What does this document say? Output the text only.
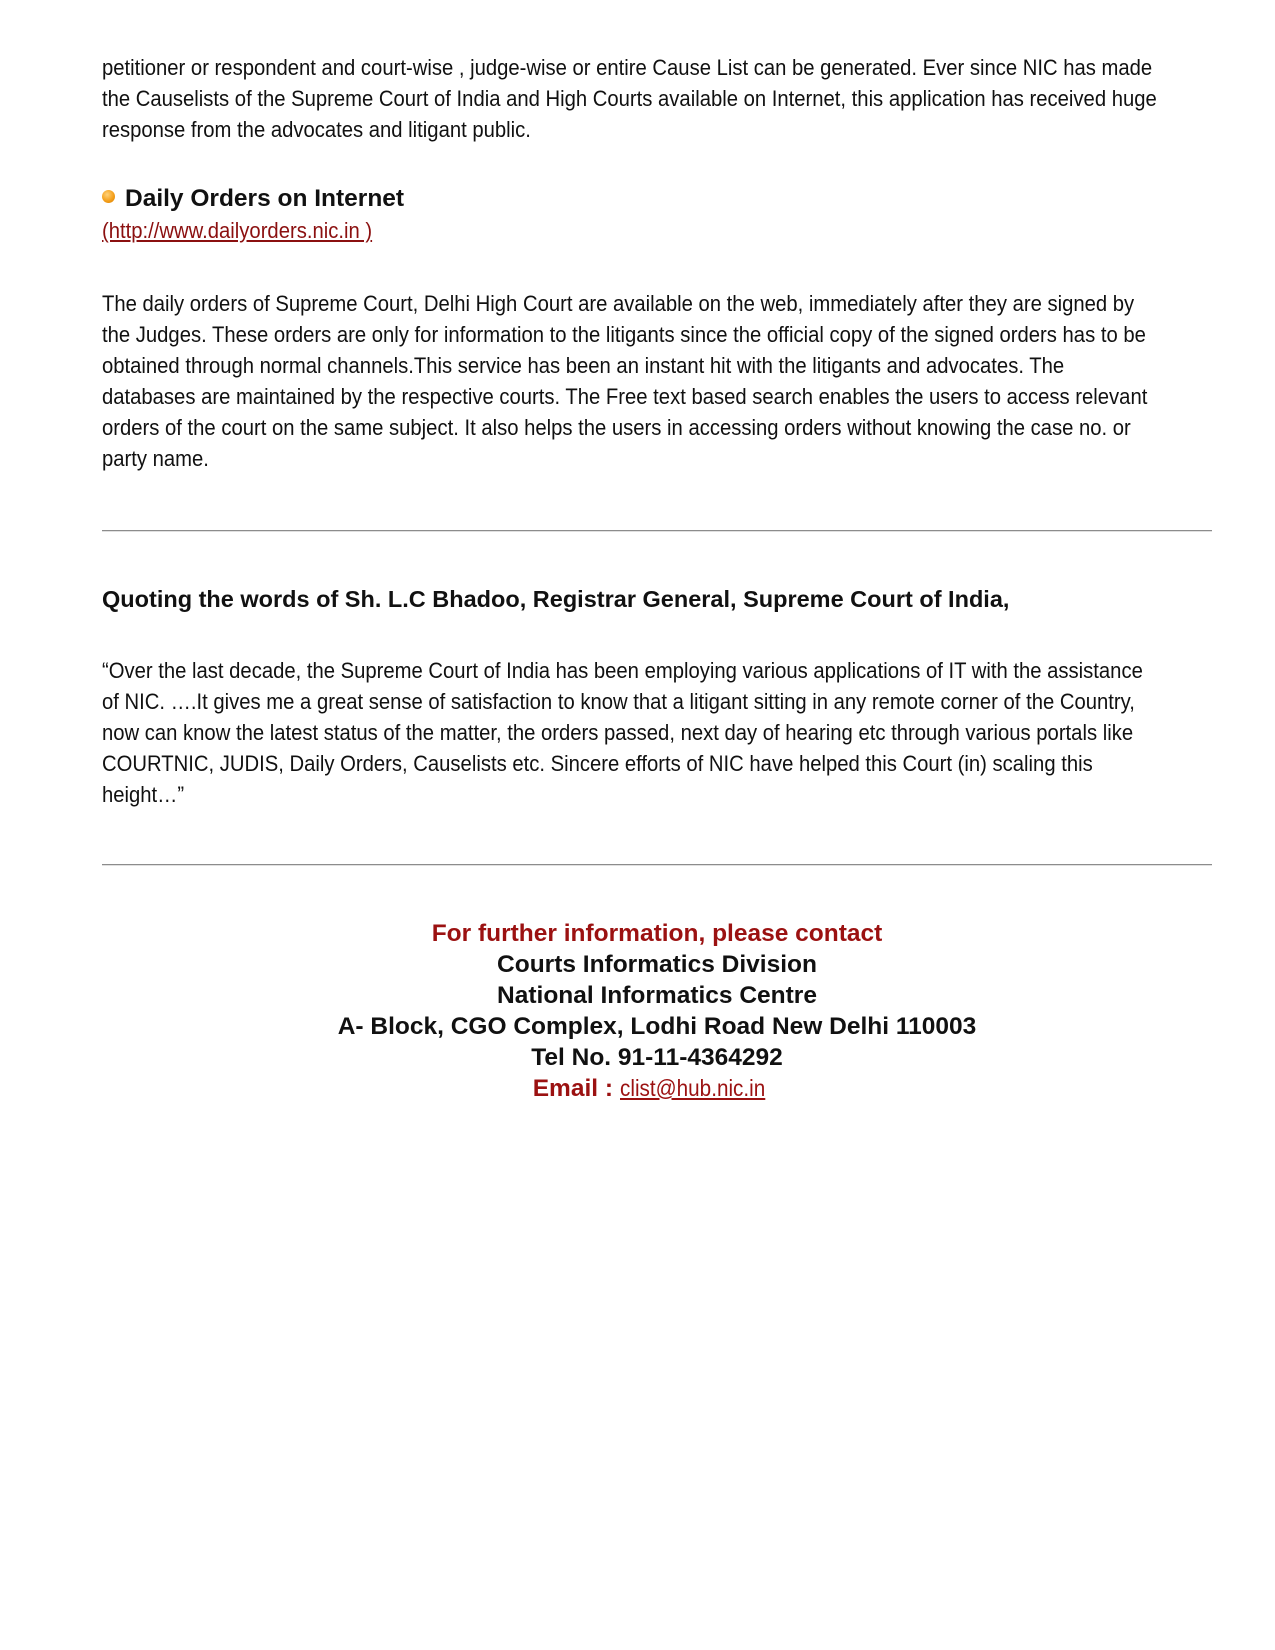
petitioner or respondent and court-wise , judge-wise or entire Cause List can be generated. Ever since NIC has made
the Causelists of the Supreme Court of India and High Courts available on Internet, this application has received huge
response from the advocates and litigant public.
Daily Orders on Internet
(http://www.dailyorders.nic.in )
The daily orders of Supreme Court, Delhi High Court are available on the web, immediately after they are signed by
the Judges. These orders are only for information to the litigants since the official copy of the signed orders has to be
obtained through normal channels.This service has been an instant hit with the litigants and advocates. The
databases are maintained by the respective courts. The Free text based search enables the users to access relevant
orders of the court on the same subject. It also helps the users in accessing orders without knowing the case no. or
party name.
Quoting the words of Sh. L.C Bhadoo, Registrar General, Supreme Court of India,
“Over the last decade, the Supreme Court of India has been employing various applications of IT with the assistance
of NIC. ….It gives me a great sense of satisfaction to know that a litigant sitting in any remote corner of the Country,
now can know the latest status of the matter, the orders passed, next day of hearing etc through various portals like
COURTNIC, JUDIS, Daily Orders, Causelists etc. Sincere efforts of NIC have helped this Court (in) scaling this
height…”
For further information, please contact
Courts Informatics Division
National Informatics Centre
A- Block, CGO Complex, Lodhi Road New Delhi 110003
Tel No. 91-11-4364292
Email : clist@hub.nic.in
